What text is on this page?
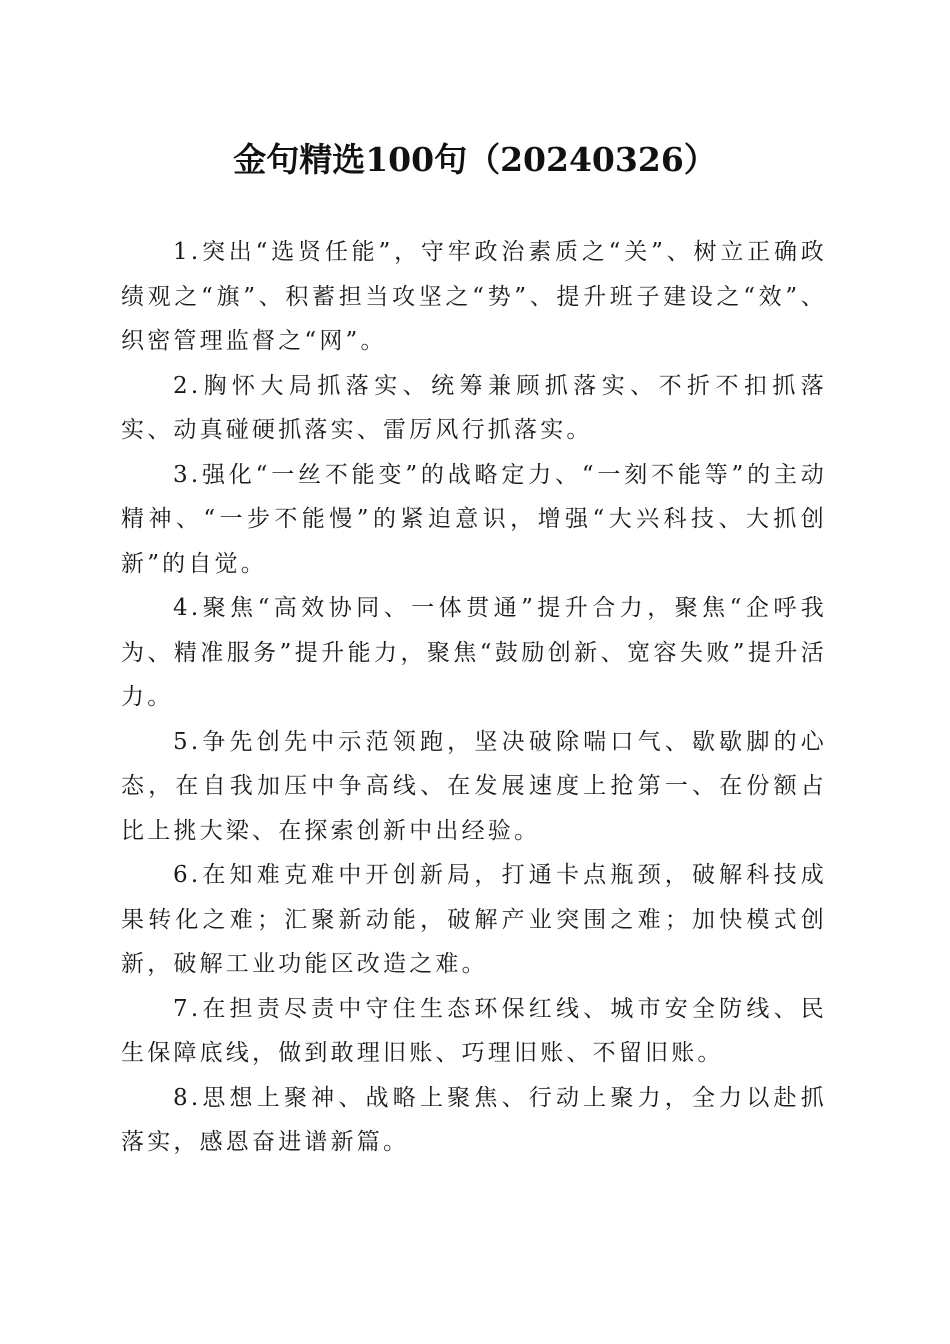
金句精选100句（20240326）

1.突出“选贤任能”，守牢政治素质之“关”、树立正确政绩观之“旗”、积蓄担当攻坚之“势”、提升班子建设之“效”、织密管理监督之“网”。

2.胸怀大局抓落实、统筹兼顾抓落实、不折不扣抓落实、动真碰硬抓落实、雷厉风行抓落实。

3.强化“一丝不能变”的战略定力、“一刻不能等”的主动精神、“一步不能慢”的紧迫意识，增强“大兴科技、大抓创新”的自觉。

4.聚焦“高效协同、一体贯通”提升合力，聚焦“企呼我为、精准服务”提升能力，聚焦“鼓励创新、宽容失败”提升活力。

5.争先创先中示范领跑，坚决破除喘口气、歇歇脚的心态，在自我加压中争高线、在发展速度上抢第一、在份额占比上挑大梁、在探索创新中出经验。

6.在知难克难中开创新局，打通卡点瓶颈，破解科技成果转化之难；汇聚新动能，破解产业突围之难；加快模式创新，破解工业功能区改造之难。

7.在担责尽责中守住生态环保红线、城市安全防线、民生保障底线，做到敢理旧账、巧理旧账、不留旧账。

8.思想上聚神、战略上聚焦、行动上聚力，全力以赴抓落实，感恩奋进谱新篇。
